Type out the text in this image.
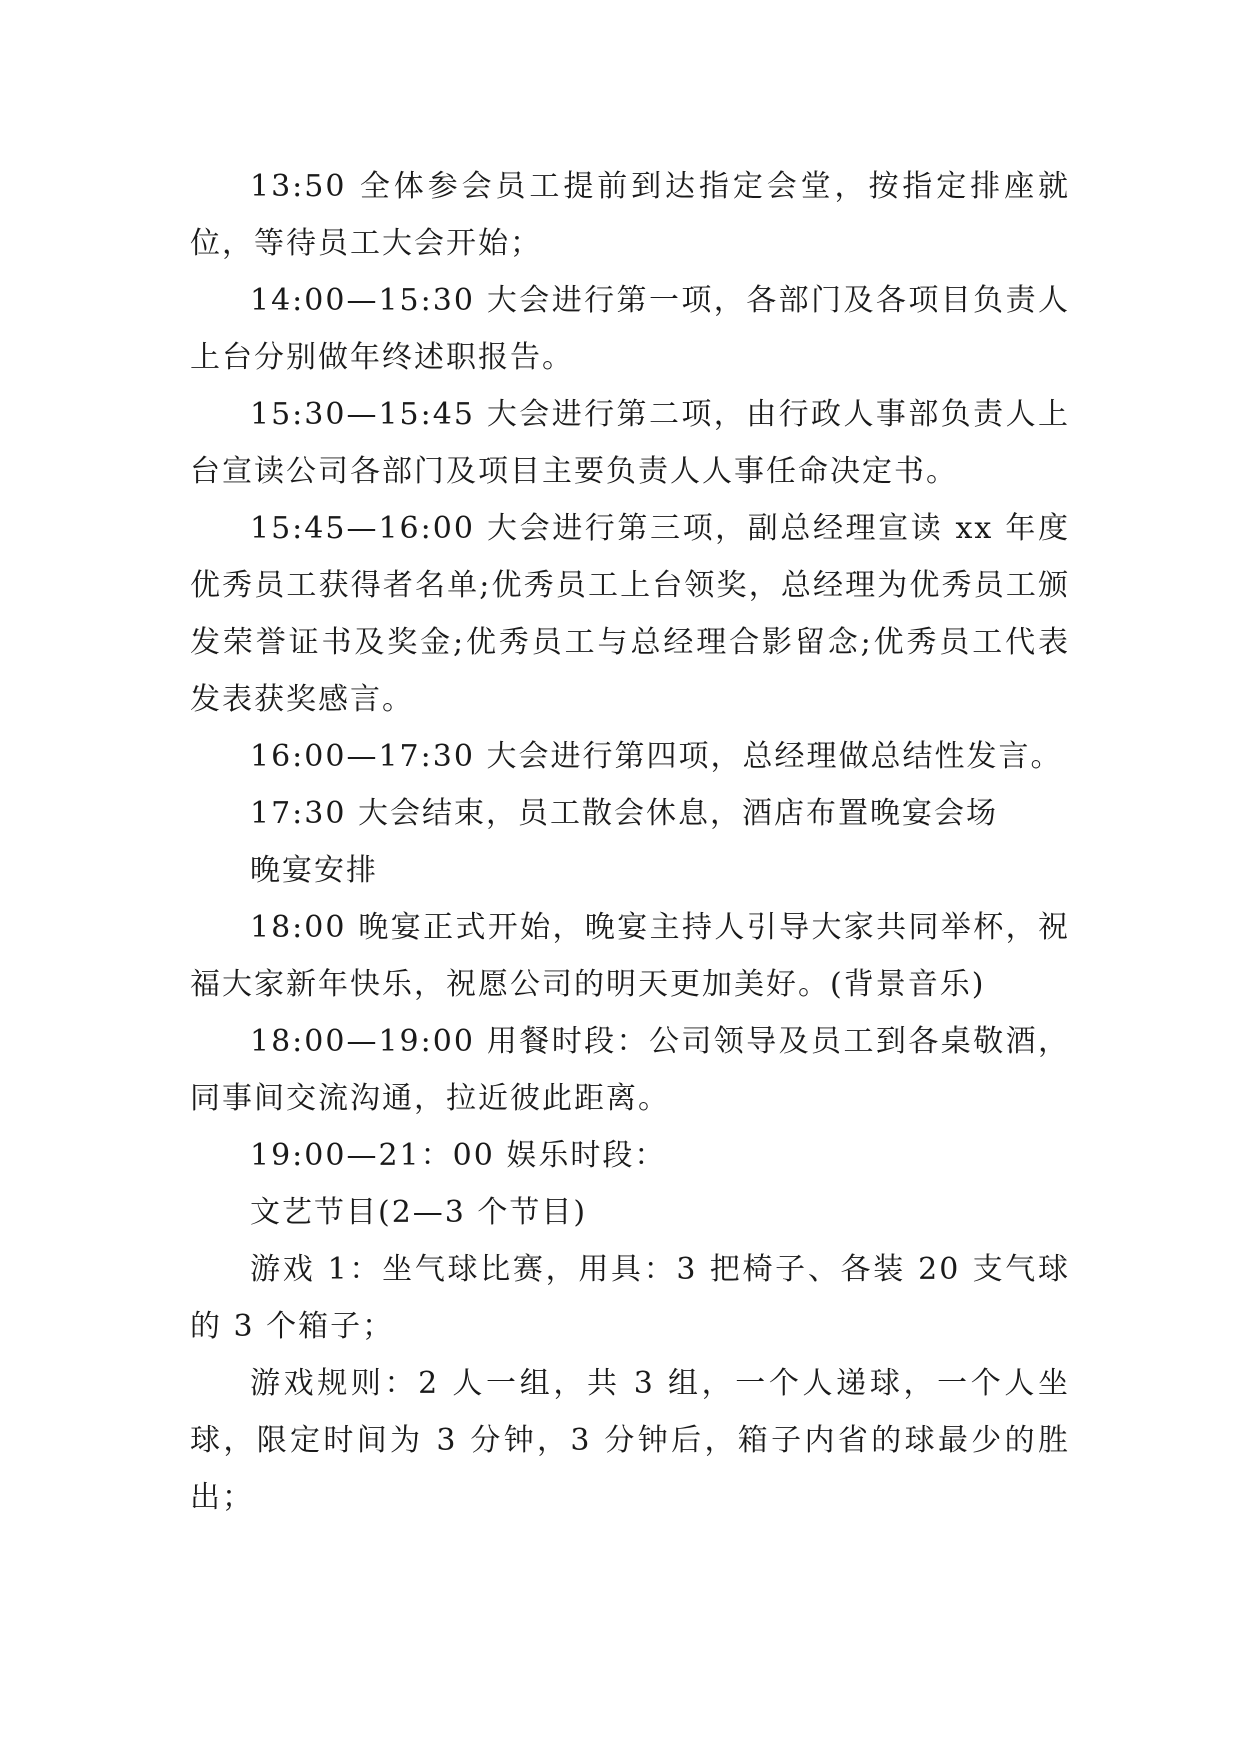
13:50 全体参会员工提前到达指定会堂，按指定排座就位，等待员工大会开始；

14:00—15:30 大会进行第一项，各部门及各项目负责人上台分别做年终述职报告。

15:30—15:45 大会进行第二项，由行政人事部负责人上台宣读公司各部门及项目主要负责人人事任命决定书。

15:45—16:00 大会进行第三项，副总经理宣读 xx 年度优秀员工获得者名单;优秀员工上台领奖，总经理为优秀员工颁发荣誉证书及奖金;优秀员工与总经理合影留念;优秀员工代表发表获奖感言。

16:00—17:30 大会进行第四项，总经理做总结性发言。

17:30 大会结束，员工散会休息，酒店布置晚宴会场

晚宴安排

18:00 晚宴正式开始，晚宴主持人引导大家共同举杯，祝福大家新年快乐，祝愿公司的明天更加美好。(背景音乐)

18:00—19:00 用餐时段：公司领导及员工到各桌敬酒，同事间交流沟通，拉近彼此距离。

19:00—21：00 娱乐时段：

文艺节目(2—3 个节目)

游戏 1：坐气球比赛，用具：3 把椅子、各装 20 支气球的 3 个箱子；

游戏规则：2 人一组，共 3 组，一个人递球，一个人坐球，限定时间为 3 分钟，3 分钟后，箱子内省的球最少的胜出；
